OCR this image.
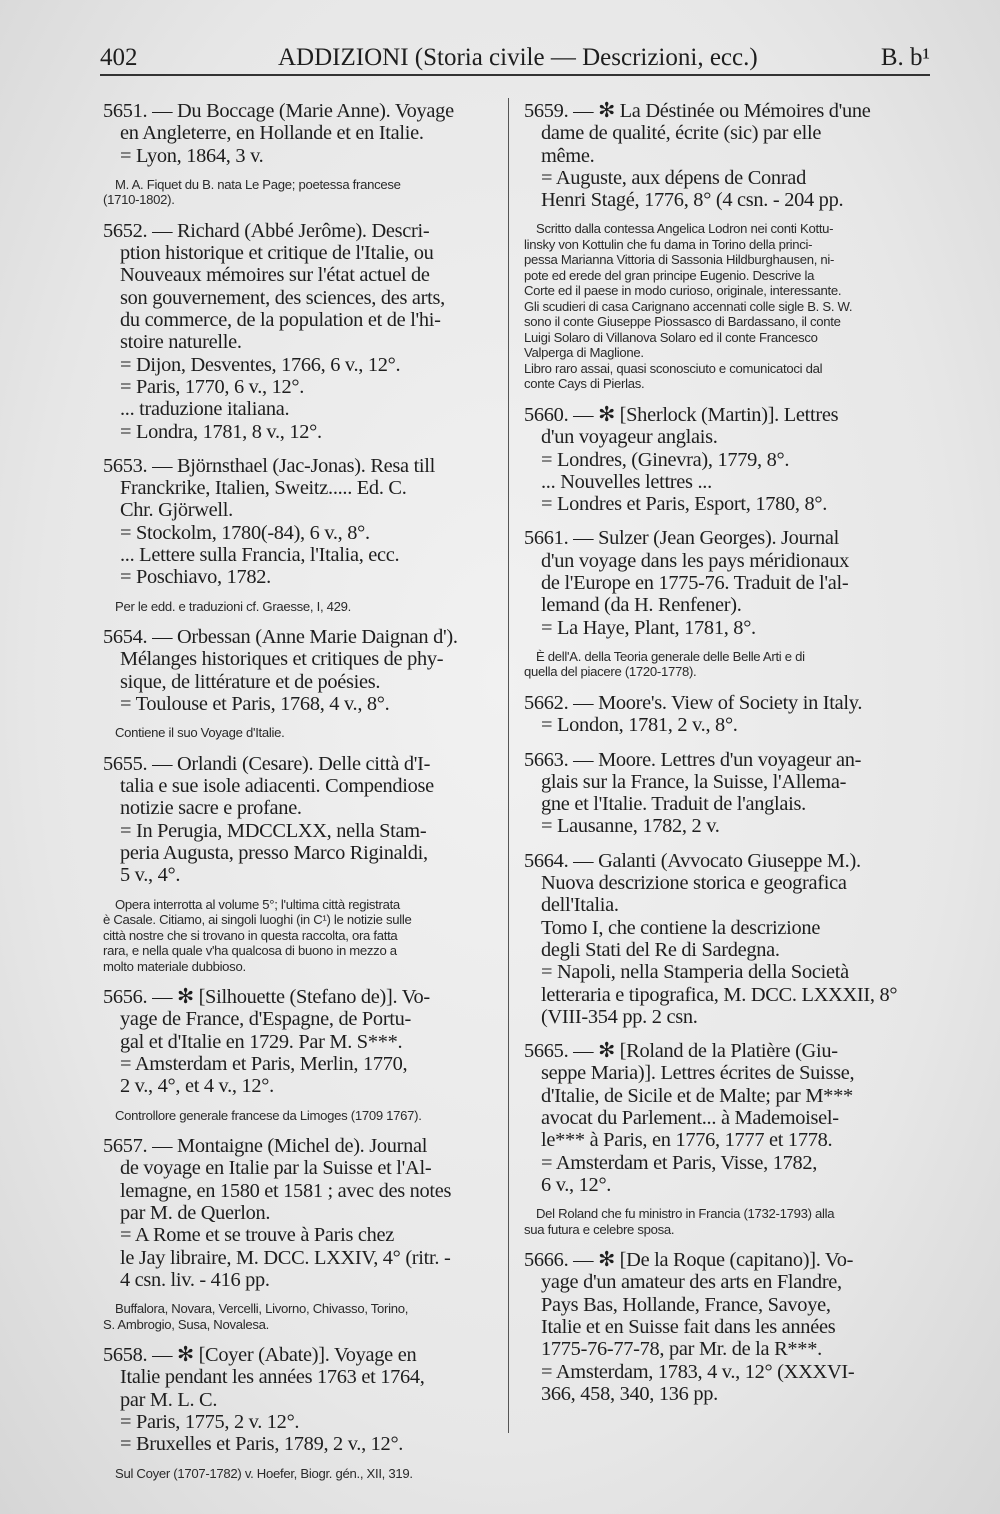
402	ADDIZIONI (Storia civile — Descrizioni, ecc.)	B. b¹
5651. — Du Boccage (Marie Anne). Voyage
en Angleterre, en Hollande et en Italie.
= Lyon, 1864, 3 v.
M. A. Fiquet du B. nata Le Page; poetessa francese
(1710-1802).
5652. — Richard (Abbé Jerôme). Descri-
ption historique et critique de l'Italie, ou
Nouveaux mémoires sur l'état actuel de
son gouvernement, des sciences, des arts,
du commerce, de la population et de l'hi-
stoire naturelle.
= Dijon, Desventes, 1766, 6 v., 12°.
= Paris, 1770, 6 v., 12°.
... traduzione italiana.
= Londra, 1781, 8 v., 12°.
5653. — Björnsthael (Jac-Jonas). Resa till
Franckrike, Italien, Sweitz..... Ed. C.
Chr. Gjörwell.
= Stockolm, 1780(-84), 6 v., 8°.
... Lettere sulla Francia, l'Italia, ecc.
= Poschiavo, 1782.
Per le edd. e traduzioni cf. Graesse, I, 429.
5654. — Orbessan (Anne Marie Daignan d').
Mélanges historiques et critiques de phy-
sique, de littérature et de poésies.
= Toulouse et Paris, 1768, 4 v., 8°.
Contiene il suo Voyage d'Italie.
5655. — Orlandi (Cesare). Delle città d'I-
talia e sue isole adiacenti. Compendiose
notizie sacre e profane.
= In Perugia, MDCCLXX, nella Stam-
peria Augusta, presso Marco Riginaldi,
5 v., 4°.
Opera interrotta al volume 5°; l'ultima città registrata
è Casale. Citiamo, ai singoli luoghi (in C¹) le notizie sulle
città nostre che si trovano in questa raccolta, ora fatta
rara, e nella quale v'ha qualcosa di buono in mezzo a
molto materiale dubbioso.
5656. — ✻ [Silhouette (Stefano de)]. Vo-
yage de France, d'Espagne, de Portu-
gal et d'Italie en 1729. Par M. S***.
= Amsterdam et Paris, Merlin, 1770,
2 v., 4°, et 4 v., 12°.
Controllore generale francese da Limoges (1709 1767).
5657. — Montaigne (Michel de). Journal
de voyage en Italie par la Suisse et l'Al-
lemagne, en 1580 et 1581 ; avec des notes
par M. de Querlon.
= A Rome et se trouve à Paris chez
le Jay libraire, M. DCC. LXXIV, 4° (ritr. -
4 csn. liv. - 416 pp.
Buffalora, Novara, Vercelli, Livorno, Chivasso, Torino,
S. Ambrogio, Susa, Novalesa.
5658. — ✻ [Coyer (Abate)]. Voyage en
Italie pendant les années 1763 et 1764,
par M. L. C.
= Paris, 1775, 2 v. 12°.
= Bruxelles et Paris, 1789, 2 v., 12°.
Sul Coyer (1707-1782) v. Hoefer, Biogr. gén., XII, 319.
5659. — ✻ La Déstinée ou Mémoires d'une
dame de qualité, écrite (sic) par elle
même.
= Auguste, aux dépens de Conrad
Henri Stagé, 1776, 8° (4 csn. - 204 pp.
Scritto dalla contessa Angelica Lodron nei conti Kottu-
linsky von Kottulin che fu dama in Torino della princi-
pessa Marianna Vittoria di Sassonia Hildburghausen, ni-
pote ed erede del gran principe Eugenio. Descrive la
Corte ed il paese in modo curioso, originale, interessante.
Gli scudieri di casa Carignano accennati colle sigle B. S. W.
sono il conte Giuseppe Piossasco di Bardassano, il conte
Luigi Solaro di Villanova Solaro ed il conte Francesco
Valperga di Maglione.
Libro raro assai, quasi sconosciuto e comunicatoci dal
conte Cays di Pierlas.
5660. — ✻ [Sherlock (Martin)]. Lettres
d'un voyageur anglais.
= Londres, (Ginevra), 1779, 8°.
... Nouvelles lettres ...
= Londres et Paris, Esport, 1780, 8°.
5661. — Sulzer (Jean Georges). Journal
d'un voyage dans les pays méridionaux
de l'Europe en 1775-76. Traduit de l'al-
lemand (da H. Renfener).
= La Haye, Plant, 1781, 8°.
È dell'A. della Teoria generale delle Belle Arti e di
quella del piacere (1720-1778).
5662. — Moore's. View of Society in Italy.
= London, 1781, 2 v., 8°.
5663. — Moore. Lettres d'un voyageur an-
glais sur la France, la Suisse, l'Allema-
gne et l'Italie. Traduit de l'anglais.
= Lausanne, 1782, 2 v.
5664. — Galanti (Avvocato Giuseppe M.).
Nuova descrizione storica e geografica
dell'Italia.
Tomo I, che contiene la descrizione
degli Stati del Re di Sardegna.
= Napoli, nella Stamperia della Società
letteraria e tipografica, M. DCC. LXXXII, 8°
(VIII-354 pp. 2 csn.
5665. — ✻ [Roland de la Platière (Giu-
seppe Maria)]. Lettres écrites de Suisse,
d'Italie, de Sicile et de Malte; par M***
avocat du Parlement... à Mademoisel-
le*** à Paris, en 1776, 1777 et 1778.
= Amsterdam et Paris, Visse, 1782,
6 v., 12°.
Del Roland che fu ministro in Francia (1732-1793) alla
sua futura e celebre sposa.
5666. — ✻ [De la Roque (capitano)]. Vo-
yage d'un amateur des arts en Flandre,
Pays Bas, Hollande, France, Savoye,
Italie et en Suisse fait dans les années
1775-76-77-78, par Mr. de la R***.
= Amsterdam, 1783, 4 v., 12° (XXXVI-
366, 458, 340, 136 pp.
